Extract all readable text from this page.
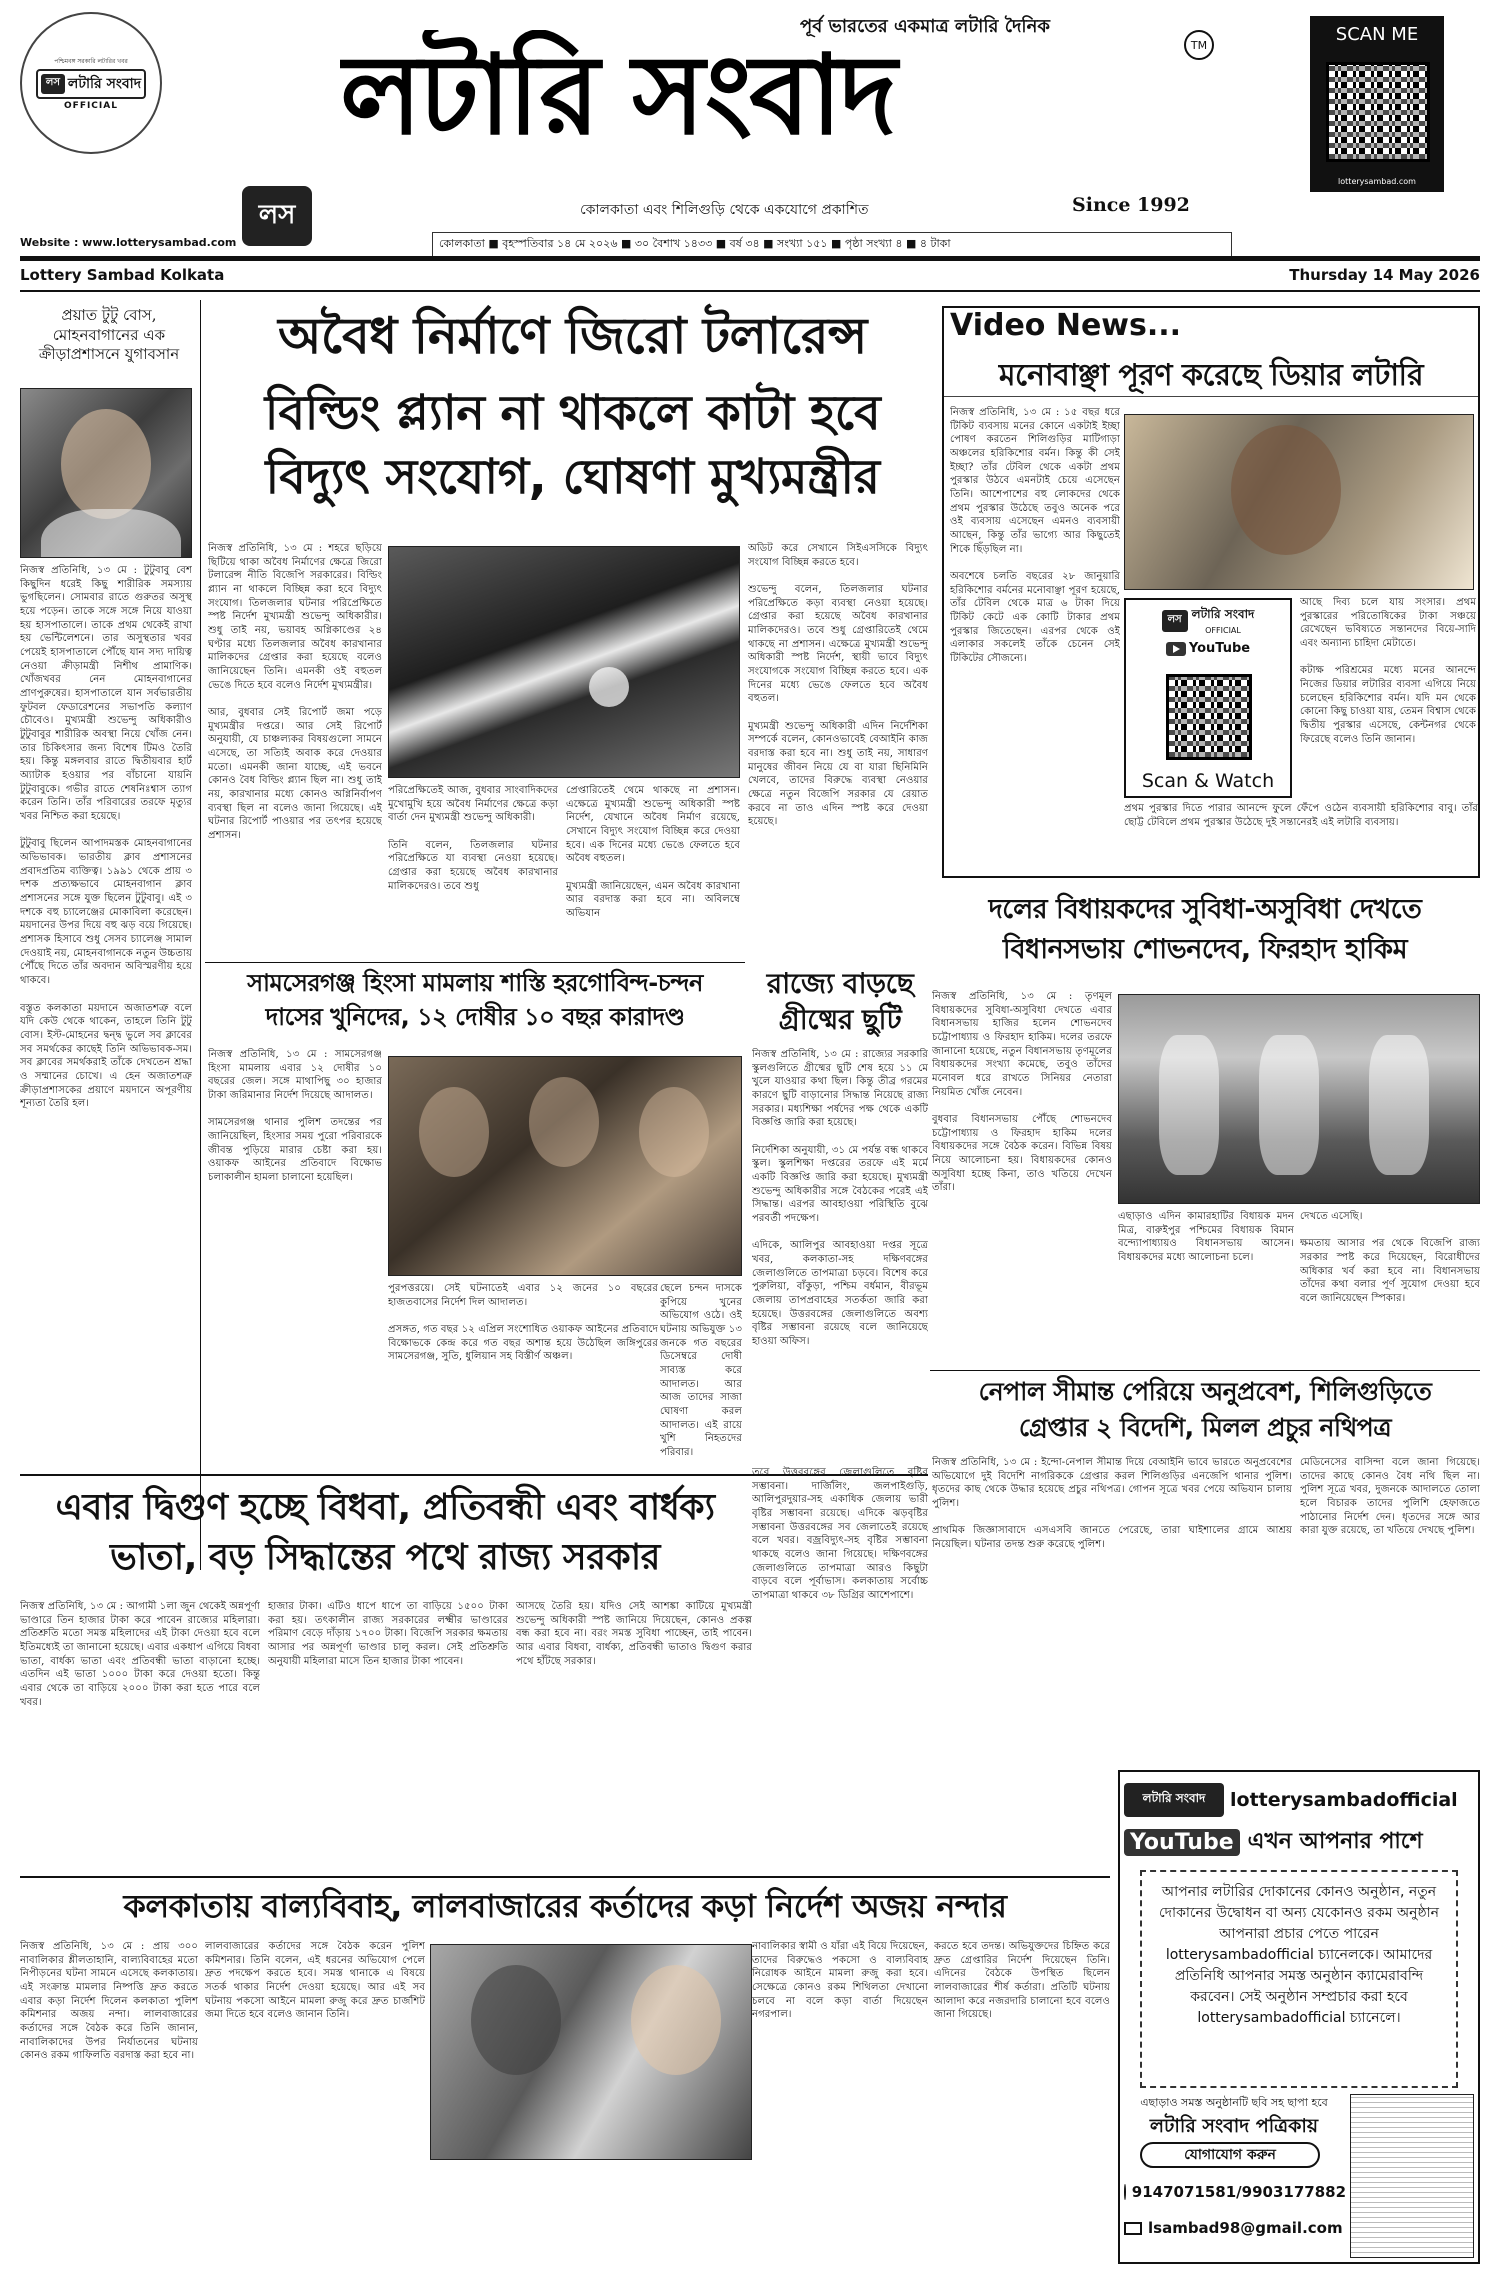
পশ্চিমবঙ্গ সরকারি লটারির খবর
লস লটারি সংবাদ
OFFICIAL
পূর্ব ভারতের একমাত্র লটারি দৈনিক
লটারি সংবাদ	TM
লস	কোলকাতা এবং শিলিগুড়ি থেকে একযোগে প্রকাশিত	Since 1992
SCAN ME
lotterysambad.com
Website : www.lotterysambad.com	কোলকাতা ■ বৃহস্পতিবার ১৪ মে ২০২৬ ■ ৩০ বৈশাখ ১৪৩৩ ■ বর্ষ ৩৪ ■ সংখ্যা ১৫১ ■ পৃষ্ঠা সংখ্যা ৪ ■ ৪ টাকা
Lottery Sambad Kolkata	Thursday 14 May 2026
প্রয়াত টুটু বোস, মোহনবাগানের এক ক্রীড়াপ্রশাসনে যুগাবসান
নিজস্ব প্রতিনিধি, ১৩ মে : টুটুবাবু বেশ কিছুদিন ধরেই কিছু শারীরিক সমস্যায় ভুগছিলেন। সোমবার রাতে গুরুতর অসুস্থ হয়ে পড়েন। তাকে সঙ্গে সঙ্গে নিয়ে যাওয়া হয় হাসপাতালে। তাকে প্রথম থেকেই রাখা হয় ভেন্টিলেশনে। তার অসুস্থতার খবর পেয়েই হাসপাতালে পৌঁছে যান সদ্য দায়িত্ব নেওয়া ক্রীড়ামন্ত্রী নিশীথ প্রামাণিক। খোঁজখবর নেন মোহনবাগানের প্রাণপুরুষের। হাসপাতালে যান সর্বভারতীয় ফুটবল ফেডারেশনের সভাপতি কল্যাণ চৌবেও। মুখ্যমন্ত্রী শুভেন্দু অধিকারীও টুটুবাবুর শারীরিক অবস্থা নিয়ে খোঁজ নেন। তার চিকিৎসার জন্য বিশেষ টিমও তৈরি হয়। কিন্তু মঙ্গলবার রাতে দ্বিতীয়বার হার্ট অ্যাটাক হওয়ার পর বাঁচানো যায়নি টুটুবাবুকে। গভীর রাতে শেষনিঃশ্বাস ত্যাগ করেন তিনি। তাঁর পরিবারের তরফে মৃত্যুর খবর নিশ্চিত করা হয়েছে।

টুটুবাবু ছিলেন আপাদমস্তক মোহনবাগানের অভিভাবক। ভারতীয় ক্লাব প্রশাসনের প্রবাদপ্রতিম ব্যক্তিত্ব। ১৯৯১ থেকে প্রায় ৩ দশক প্রত্যক্ষভাবে মোহনবাগান ক্লাব প্রশাসনের সঙ্গে যুক্ত ছিলেন টুটুবাবু। এই ৩ দশকে বহু চ্যালেঞ্জের মোকাবিলা করেছেন। ময়দানের উপর দিয়ে বহু ঝড় বয়ে গিয়েছে। প্রশাসক হিসাবে শুধু সেসব চ্যালেঞ্জ সামাল দেওয়াই নয়, মোহনবাগানকে নতুন উচ্চতায় পৌঁছে দিতে তাঁর অবদান অবিস্মরণীয় হয়ে থাকবে।

বস্তুত কলকাতা ময়দানে অজাতশত্রু বলে যদি কেউ থেকে থাকেন, তাহলে তিনি টুটু বোস। ইস্ট-মোহনের দ্বন্দ্ব ভুলে সব ক্লাবের সব সমর্থকের কাছেই তিনি অভিভাবক-সম। সব ক্লাবের সমর্থকরাই তাঁকে দেখতেন শ্রদ্ধা ও সম্মানের চোখে। এ হেন অজাতশত্রু ক্রীড়াপ্রশাসকের প্রয়াণে ময়দানে অপূরণীয় শূন্যতা তৈরি হল।
অবৈধ নির্মাণে জিরো টলারেন্স
বিল্ডিং প্ল্যান না থাকলে কাটা হবে
বিদ্যুৎ সংযোগ, ঘোষণা মুখ্যমন্ত্রীর
নিজস্ব প্রতিনিধি, ১৩ মে : শহরে ছড়িয়ে ছিটিয়ে থাকা অবৈধ নির্মাণের ক্ষেত্রে জিরো টলারেন্স নীতি বিজেপি সরকারের। বিল্ডিং প্ল্যান না থাকলে বিচ্ছিন্ন করা হবে বিদ্যুৎ সংযোগ। তিলজলার ঘটনার পরিপ্রেক্ষিতে স্পষ্ট নির্দেশ মুখ্যমন্ত্রী শুভেন্দু অধিকারীর। শুধু তাই নয়, ভয়াবহ অগ্নিকাণ্ডের ২৪ ঘণ্টার মধ্যে তিলজলার অবৈধ কারখানার মালিকদের গ্রেপ্তার করা হয়েছে বলেও জানিয়েছেন তিনি। এমনকী ওই বহুতল ভেঙে দিতে হবে বলেও নির্দেশ মুখ্যমন্ত্রীর।

আর, বুধবার সেই রিপোর্ট জমা পড়ে মুখ্যমন্ত্রীর দপ্তরে। আর সেই রিপোর্ট অনুযায়ী, যে চাঞ্চল্যকর বিষয়গুলো সামনে এসেছে, তা সত্যিই অবাক করে দেওয়ার মতো। এমনকী জানা যাচ্ছে, এই ভবনে কোনও বৈধ বিল্ডিং প্ল্যান ছিল না। শুধু তাই নয়, কারখানার মধ্যে কোনও অগ্নিনির্বাপণ ব্যবস্থা ছিল না বলেও জানা গিয়েছে। এই ঘটনার রিপোর্ট পাওয়ার পর তৎপর হয়েছে প্রশাসন।
পরিপ্রেক্ষিতেই আজ, বুধবার সাংবাদিকদের মুখোমুখি হয়ে অবৈধ নির্মাণের ক্ষেত্রে কড়া বার্তা দেন মুখ্যমন্ত্রী শুভেন্দু অধিকারী।

তিনি বলেন, তিলজলার ঘটনার পরিপ্রেক্ষিতে যা ব্যবস্থা নেওয়া হয়েছে। গ্রেপ্তার করা হয়েছে অবৈধ কারখানার মালিকদেরও। তবে শুধু
প্রেপ্তারিতেই থেমে থাকছে না প্রশাসন। এক্ষেত্রে মুখ্যমন্ত্রী শুভেন্দু অধিকারী স্পষ্ট নির্দেশ, যেখানে অবৈধ নির্মাণ রয়েছে, সেখানে বিদ্যুৎ সংযোগ বিচ্ছিন্ন করে দেওয়া হবে। এক দিনের মধ্যে ভেঙে ফেলতে হবে অবৈধ বহুতল।

মুখ্যমন্ত্রী জানিয়েছেন, এমন অবৈধ কারখানা আর বরদাস্ত করা হবে না। অবিলম্বে অভিযান
অডিট করে সেখানে সিইএসসিকে বিদ্যুৎ সংযোগ বিচ্ছিন্ন করতে হবে।

শুভেন্দু বলেন, তিলজলার ঘটনার পরিপ্রেক্ষিতে কড়া ব্যবস্থা নেওয়া হয়েছে। গ্রেপ্তার করা হয়েছে অবৈধ কারখানার মালিকদেরও। তবে শুধু গ্রেপ্তারিতেই থেমে থাকছে না প্রশাসন। এক্ষেত্রে মুখ্যমন্ত্রী শুভেন্দু অধিকারী স্পষ্ট নির্দেশ, স্থায়ী ভাবে বিদ্যুৎ সংযোগকে সংযোগ বিচ্ছিন্ন করতে হবে। এক দিনের মধ্যে ভেঙে ফেলতে হবে অবৈধ বহুতল।

মুখ্যমন্ত্রী শুভেন্দু অধিকারী এদিন নির্দেশিকা সম্পর্কে বলেন, কোনওভাবেই বেআইনি কাজ বরদাস্ত করা হবে না। শুধু তাই নয়, সাধারণ মানুষের জীবন নিয়ে যে বা যারা ছিনিমিনি খেলবে, তাদের বিরুদ্ধে ব্যবস্থা নেওয়ার ক্ষেত্রে নতুন বিজেপি সরকার যে রেয়াত করবে না তাও এদিন স্পষ্ট করে দেওয়া হয়েছে।
Video News...
মনোবাঞ্ছা পূরণ করেছে ডিয়ার লটারি
নিজস্ব প্রতিনিধি, ১৩ মে : ১৫ বছর ধরে টিকিট ব্যবসায় মনের কোনে একটাই ইচ্ছা পোষণ করতেন শিলিগুড়ির মাটিগাড়া অঞ্চলের হরিকিশোর বর্মন। কিন্তু কী সেই ইচ্ছা? তাঁর টেবিল থেকে একটা প্রথম পুরস্কার উঠবে এমনটাই চেয়ে এসেছেন তিনি। আশেপাশের বহু লোকদের থেকে প্রথম পুরস্কার উঠেছে তবুও অনেক পরে ওই ব্যবসায় এসেছেন এমনও ব্যবসায়ী আছেন, কিন্তু তাঁর ভাগ্যে আর কিছুতেই শিকে ছিঁড়ছিল না।

অবশেষে চলতি বছরের ২৮ জানুয়ারি হরিকিশোর বর্মনের মনোবাঞ্ছা পূরণ হয়েছে, তাঁর টেবিল থেকে মাত্র ৬ টাকা দিয়ে টিকিট কেটে এক কোটি টাকার প্রথম পুরস্কার জিতেছেন। এরপর থেকে ওই এলাকার সকলেই তাঁকে চেনেন সেই টিকিটের সৌজন্যে।
আছে দিব্য চলে যায় সংসার। প্রথম পুরস্কারের পরিতোষিকের টাকা সঞ্চয়ে রেখেছেন ভবিষ্যতে সন্তানদের বিয়ে-সাদি এবং অন্যান্য চাহিদা মেটাতে।

কটাক্ষ পরিশ্রমের মধ্যে মনের আনন্দে নিজের ডিয়ার লটারির ব্যবসা এগিয়ে নিয়ে চলেছেন হরিকিশোর বর্মন। যদি মন থেকে কোনো কিছু চাওয়া যায়, তেমন বিশ্বাস থেকে দ্বিতীয় পুরস্কার এসেছে, কেন্টনগর থেকে ফিরেছে বলেও তিনি জানান।
লস লটারি সংবাদ
OFFICIAL
YouTube
Scan & Watch
প্রথম পুরস্কার দিতে পারার আনন্দে ফুলে ফেঁপে ওঠেন ব্যবসায়ী হরিকিশোর বাবু। তাঁর ছোট্ট টেবিলে প্রথম পুরস্কার উঠেছে দুই সন্তানেরই এই লটারি ব্যবসায়।
দলের বিধায়কদের সুবিধা-অসুবিধা দেখতে
বিধানসভায় শোভনদেব, ফিরহাদ হাকিম
নিজস্ব প্রতিনিধি, ১৩ মে : তৃণমূল বিধায়কদের সুবিধা-অসুবিধা দেখতে এবার বিধানসভায় হাজির হলেন শোভনদেব চট্টোপাধ্যায় ও ফিরহাদ হাকিম। দলের তরফে জানানো হয়েছে, নতুন বিধানসভায় তৃণমূলের বিধায়কদের সংখ্যা কমেছে, তবুও তাঁদের মনোবল ধরে রাখতে সিনিয়র নেতারা নিয়মিত খোঁজ নেবেন।

বুধবার বিধানসভায় পৌঁছে শোভনদেব চট্টোপাধ্যায় ও ফিরহাদ হাকিম দলের বিধায়কদের সঙ্গে বৈঠক করেন। বিভিন্ন বিষয় নিয়ে আলোচনা হয়। বিধায়কদের কোনও অসুবিধা হচ্ছে কিনা, তাও খতিয়ে দেখেন তাঁরা।
এছাড়াও এদিন কামারহাটির বিধায়ক মদন মিত্র, বারুইপুর পশ্চিমের বিধায়ক বিমান বন্দ্যোপাধ্যায়ও বিধানসভায় আসেন। বিধায়কদের মধ্যে আলোচনা চলে।
দেখতে এসেছি।

ক্ষমতায় আসার পর থেকে বিজেপি রাজ্য সরকার স্পষ্ট করে দিয়েছেন, বিরোধীদের অধিকার খর্ব করা হবে না। বিধানসভায় তাঁদের কথা বলার পূর্ণ সুযোগ দেওয়া হবে বলে জানিয়েছেন স্পিকার।
সামসেরগঞ্জ হিংসা মামলায় শাস্তি হরগোবিন্দ-চন্দন
দাসের খুনিদের, ১২ দোষীর ১০ বছর কারাদণ্ড
নিজস্ব প্রতিনিধি, ১৩ মে : সামসেরগঞ্জ হিংসা মামলায় এবার ১২ দোষীর ১০ বছরের জেল। সঙ্গে মাথাপিছু ৩০ হাজার টাকা জরিমানার নির্দেশ দিয়েছে আদালত।

সামসেরগঞ্জ থানার পুলিশ তদন্তের পর জানিয়েছিল, হিংসার সময় পুরো পরিবারকে জীবন্ত পুড়িয়ে মারার চেষ্টা করা হয়। ওয়াকফ আইনের প্রতিবাদে বিক্ষোভ চলাকালীন হামলা চালানো হয়েছিল।
পুরপত্তরয়ে। সেই ঘটনাতেই এবার ১২ জনের ১০ বছরের হাজতবাসের নির্দেশ দিল আদালত।

প্রসঙ্গত, গত বছর ১২ এপ্রিল সংশোধিত ওয়াকফ আইনের প্রতিবাদে বিক্ষোভকে কেন্দ্র করে গত বছর অশান্ত হয়ে উঠেছিল জঙ্গিপুরের সামসেরগঞ্জ, সুতি, ধুলিয়ান সহ বিস্তীর্ণ অঞ্চল।
ছেলে চন্দন দাসকে কুপিয়ে খুনের অভিযোগ ওঠে। ওই ঘটনায় অভিযুক্ত ১৩ জনকে গত বছরের ডিসেম্বরে দোষী সাব্যস্ত করে আদালত। আর আজ তাদের সাজা ঘোষণা করল আদালত। এই রায়ে খুশি নিহতদের পরিবার।
রাজ্যে বাড়ছে
গ্রীষ্মের ছুটি
নিজস্ব প্রতিনিধি, ১৩ মে : রাজ্যের সরকারি স্কুলগুলিতে গ্রীষ্মের ছুটি শেষ হয়ে ১১ মে খুলে যাওয়ার কথা ছিল। কিন্তু তীব্র গরমের কারণে ছুটি বাড়ানোর সিদ্ধান্ত নিয়েছে রাজ্য সরকার। মধ্যশিক্ষা পর্ষদের পক্ষ থেকে একটি বিজ্ঞপ্তি জারি করা হয়েছে।

নির্দেশিকা অনুযায়ী, ৩১ মে পর্যন্ত বন্ধ থাকবে স্কুল। স্কুলশিক্ষা দপ্তরের তরফে এই মর্মে একটি বিজ্ঞপ্তি জারি করা হয়েছে। মুখ্যমন্ত্রী শুভেন্দু অধিকারীর সঙ্গে বৈঠকের পরেই এই সিদ্ধান্ত। এরপর আবহাওয়া পরিস্থিতি বুঝে পরবর্তী পদক্ষেপ।

এদিকে, আলিপুর আবহাওয়া দপ্তর সূত্রে খবর, কলকাতা-সহ দক্ষিণবঙ্গের জেলাগুলিতে তাপমাত্রা চড়বে। বিশেষ করে পুরুলিয়া, বাঁকুড়া, পশ্চিম বর্ধমান, বীরভূম জেলায় তাপপ্রবাহের সতর্কতা জারি করা হয়েছে। উত্তরবঙ্গের জেলাগুলিতে অবশ্য বৃষ্টির সম্ভাবনা রয়েছে বলে জানিয়েছে হাওয়া অফিস।
নেপাল সীমান্ত পেরিয়ে অনুপ্রবেশ, শিলিগুড়িতে
গ্রেপ্তার ২ বিদেশি, মিলল প্রচুর নথিপত্র
নিজস্ব প্রতিনিধি, ১৩ মে : ইন্দো-নেপাল সীমান্ত দিয়ে বেআইনি ভাবে ভারতে অনুপ্রবেশের অভিযোগে দুই বিদেশি নাগরিককে গ্রেপ্তার করল শিলিগুড়ির এনজেপি থানার পুলিশ। ধৃতদের কাছ থেকে উদ্ধার হয়েছে প্রচুর নথিপত্র। গোপন সূত্রে খবর পেয়ে অভিযান চালায় পুলিশ।

প্রাথমিক জিজ্ঞাসাবাদে এসএসবি জানতে পেরেছে, তারা ঘাইশালের গ্রামে আশ্রয় নিয়েছিল। ঘটনার তদন্ত শুরু করেছে পুলিশ।
মেডিনেসের বাসিন্দা বলে জানা গিয়েছে। তাদের কাছে কোনও বৈধ নথি ছিল না। পুলিশ সূত্রে খবর, দুজনকে আদালতে তোলা হলে বিচারক তাদের পুলিশি হেফাজতে পাঠানোর নির্দেশ দেন। ধৃতদের সঙ্গে আর কারা যুক্ত রয়েছে, তা খতিয়ে দেখছে পুলিশ।
এবার দ্বিগুণ হচ্ছে বিধবা, প্রতিবন্ধী এবং বার্ধক্য
ভাতা, বড় সিদ্ধান্তের পথে রাজ্য সরকার
নিজস্ব প্রতিনিধি, ১৩ মে : আগামী ১লা জুন থেকেই অন্নপূর্ণা ভাণ্ডারে তিন হাজার টাকা করে পাবেন রাজ্যের মহিলারা। প্রতিশ্রুতি মতো সমস্ত মহিলাদের এই টাকা দেওয়া হবে বলে ইতিমধ্যেই তা জানানো হয়েছে। এবার একধাপ এগিয়ে বিধবা ভাতা, বার্ধক্য ভাতা এবং প্রতিবন্ধী ভাতা বাড়ানো হচ্ছে। এতদিন এই ভাতা ১০০০ টাকা করে দেওয়া হতো। কিন্তু এবার থেকে তা বাড়িয়ে ২০০০ টাকা করা হতে পারে বলে খবর।
হাজার টাকা। এটিও ধাপে ধাপে তা বাড়িয়ে ১৫০০ টাকা করা হয়। তৎকালীন রাজ্য সরকারের লক্ষ্মীর ভাণ্ডারের পরিমাণ বেড়ে দাঁড়ায় ১৭০০ টাকা। বিজেপি সরকার ক্ষমতায় আসার পর অন্নপূর্ণা ভাণ্ডার চালু করল। সেই প্রতিশ্রুতি অনুযায়ী মহিলারা মাসে তিন হাজার টাকা পাবেন।
আসছে তৈরি হয়। যদিও সেই আশঙ্কা কাটিয়ে মুখ্যমন্ত্রী শুভেন্দু অধিকারী স্পষ্ট জানিয়ে দিয়েছেন, কোনও প্রকল্প বন্ধ করা হবে না। বরং সমস্ত সুবিধা পাচ্ছেন, তাই পাবেন। আর এবার বিধবা, বার্ধক্য, প্রতিবন্ধী ভাতাও দ্বিগুণ করার পথে হাঁটছে সরকার।
তবে উত্তরবঙ্গের জেলাগুলিতে বৃষ্টির সম্ভাবনা। দার্জিলিং, জলপাইগুড়ি, আলিপুরদুয়ার-সহ একাধিক জেলায় ভারী বৃষ্টির সম্ভাবনা রয়েছে। এদিকে ঝড়বৃষ্টির সম্ভাবনা উত্তরবঙ্গের সব জেলাতেই রয়েছে বলে খবর। বজ্রবিদ্যুৎ-সহ বৃষ্টির সম্ভাবনা থাকছে বলেও জানা গিয়েছে। দক্ষিণবঙ্গের জেলাগুলিতে তাপমাত্রা আরও কিছুটা বাড়বে বলে পূর্বাভাস। কলকাতায় সর্বোচ্চ তাপমাত্রা থাকবে ৩৮ ডিগ্রির আশেপাশে।
লটারি সংবাদ	lotterysambadofficial
YouTube এখন আপনার পাশে
আপনার লটারির দোকানের কোনও অনুষ্ঠান, নতুন দোকানের উদ্বোধন বা অন্য যেকোনও রকম অনুষ্ঠান আপনারা প্রচার পেতে পারেন lotterysambadofficial চ্যানেলকে। আমাদের প্রতিনিধি আপনার সমস্ত অনুষ্ঠান ক্যামেরাবন্দি করবেন। সেই অনুষ্ঠান সম্প্রচার করা হবে lotterysambadofficial চ্যানেলে।
এছাড়াও সমস্ত অনুষ্ঠানটি ছবি সহ ছাপা হবে
লটারি সংবাদ পত্রিকায়
যোগাযোগ করুন
9147071581/9903177882
lsambad98@gmail.com
কলকাতায় বাল্যবিবাহ, লালবাজারের কর্তাদের কড়া নির্দেশ অজয় নন্দার
নিজস্ব প্রতিনিধি, ১৩ মে : প্রায় ৩০০ নাবালিকার শ্লীলতাহানি, বাল্যবিবাহের মতো নিপীড়নের ঘটনা সামনে এসেছে কলকাতায়। এই সংক্রান্ত মামলার নিষ্পত্তি দ্রুত করতে এবার কড়া নির্দেশ দিলেন কলকাতা পুলিশ কমিশনার অজয় নন্দা। লালবাজারের কর্তাদের সঙ্গে বৈঠক করে তিনি জানান, নাবালিকাদের উপর নির্যাতনের ঘটনায় কোনও রকম গাফিলতি বরদাস্ত করা হবে না।
লালবাজারের কর্তাদের সঙ্গে বৈঠক করেন পুলিশ কমিশনার। তিনি বলেন, এই ধরনের অভিযোগ পেলে দ্রুত পদক্ষেপ করতে হবে। সমস্ত থানাকে এ বিষয়ে সতর্ক থাকার নির্দেশ দেওয়া হয়েছে। আর এই সব ঘটনায় পকসো আইনে মামলা রুজু করে দ্রুত চার্জশিট জমা দিতে হবে বলেও জানান তিনি।
নাবালিকার স্বামী ও যাঁরা এই বিয়ে দিয়েছেন, তাদের বিরুদ্ধেও পকসো ও বাল্যবিবাহ নিরোধক আইনে মামলা রুজু করা হবে। সেক্ষেত্রে কোনও রকম শিথিলতা দেখানো চলবে না বলে কড়া বার্তা দিয়েছেন নগরপাল।
করতে হবে তদন্ত। অভিযুক্তদের চিহ্নিত করে দ্রুত গ্রেপ্তারির নির্দেশ দিয়েছেন তিনি। এদিনের বৈঠকে উপস্থিত ছিলেন লালবাজারের শীর্ষ কর্তারা। প্রতিটি ঘটনায় আলাদা করে নজরদারি চালানো হবে বলেও জানা গিয়েছে।
